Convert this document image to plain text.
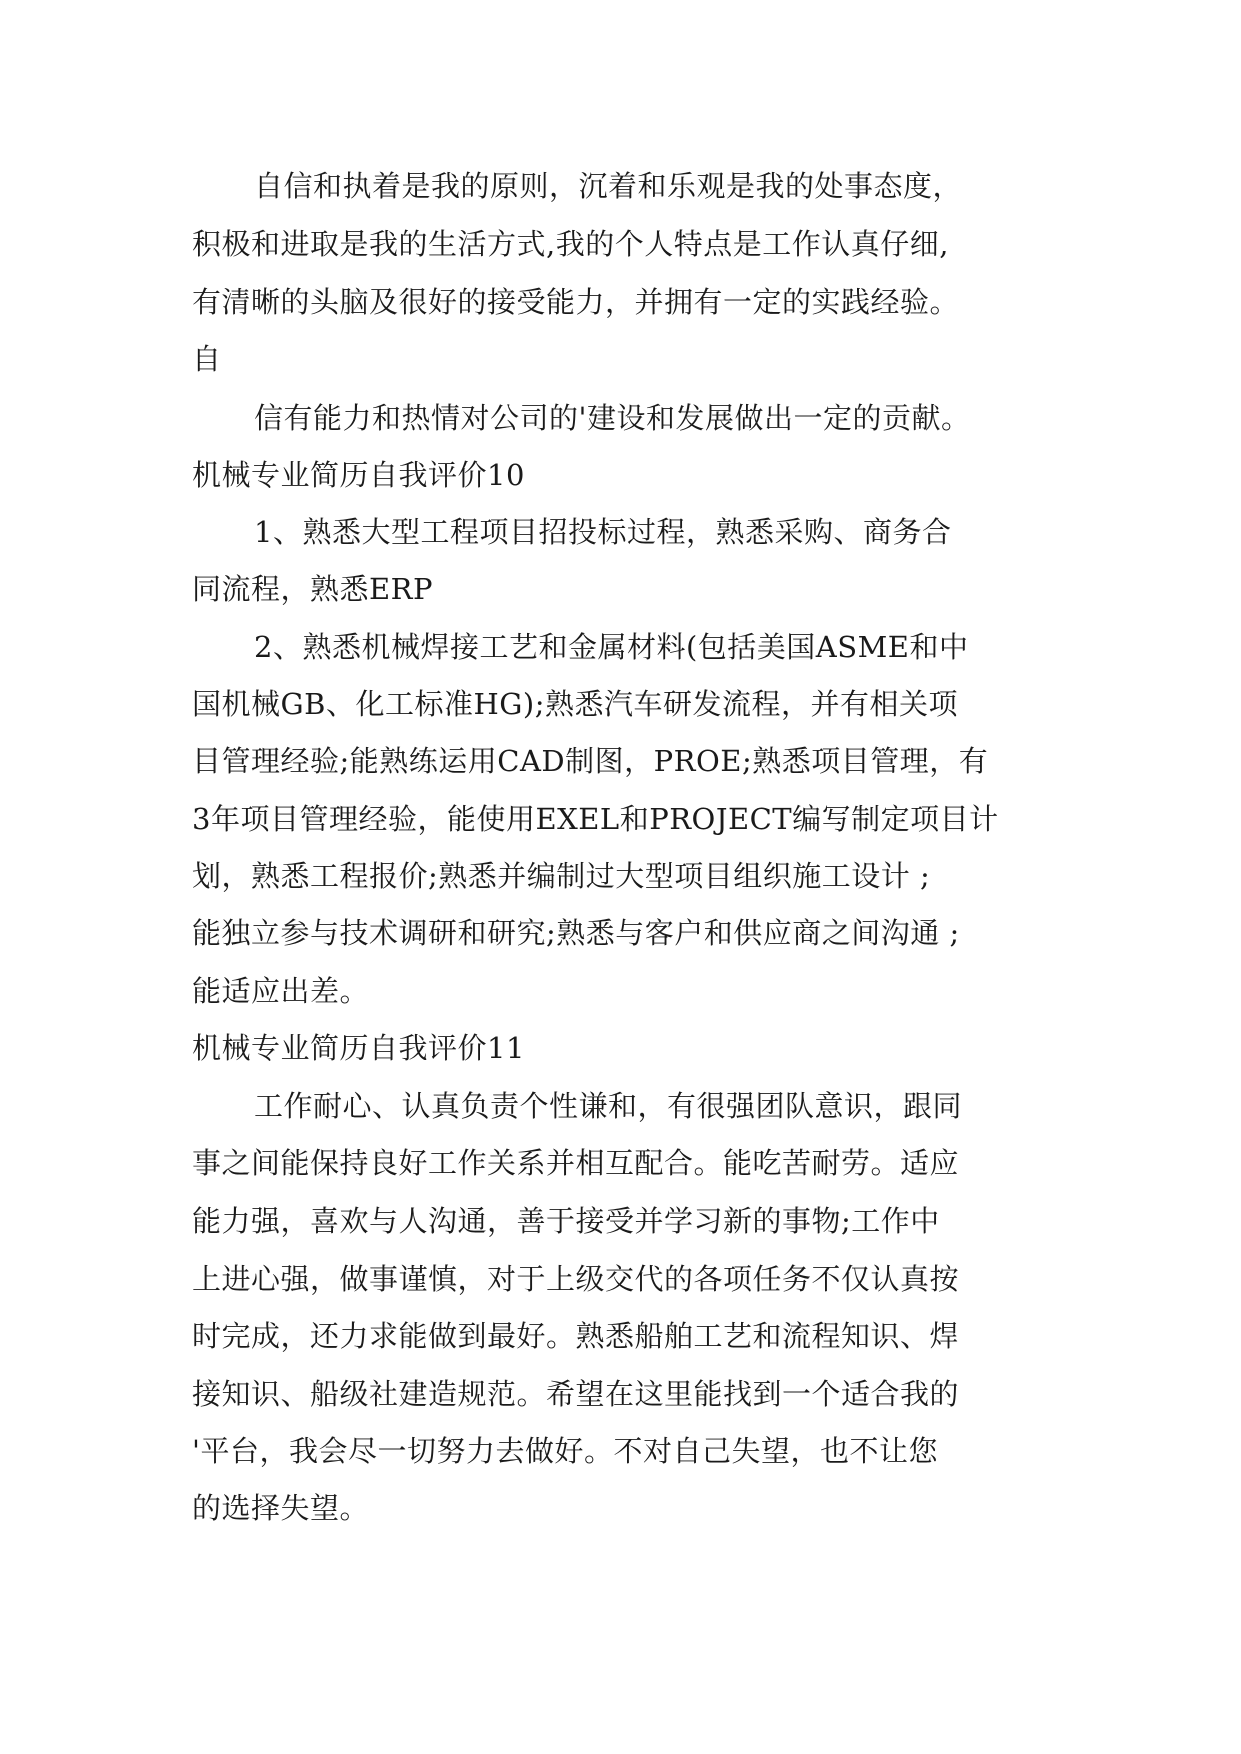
自信和执着是我的原则，沉着和乐观是我的处事态度，
积极和进取是我的生活方式,我的个人特点是工作认真仔细,
有清晰的头脑及很好的接受能力，并拥有一定的实践经验。
自
信有能力和热情对公司的'建设和发展做出一定的贡献。
机械专业简历自我评价10
1、熟悉大型工程项目招投标过程，熟悉采购、商务合
同流程，熟悉ERP
2、熟悉机械焊接工艺和金属材料(包括美国ASME和中
国机械GB、化工标准HG);熟悉汽车研发流程，并有相关项
目管理经验;能熟练运用CAD制图，PROE;熟悉项目管理，有
3年项目管理经验，能使用EXEL和PROJECT编写制定项目计
划，熟悉工程报价;熟悉并编制过大型项目组织施工设计 ;
能独立参与技术调研和研究;熟悉与客户和供应商之间沟通 ;
能适应出差。
机械专业简历自我评价11
工作耐心、认真负责个性谦和，有很强团队意识，跟同
事之间能保持良好工作关系并相互配合。能吃苦耐劳。适应
能力强，喜欢与人沟通，善于接受并学习新的事物;工作中
上进心强，做事谨慎，对于上级交代的各项任务不仅认真按
时完成，还力求能做到最好。熟悉船舶工艺和流程知识、焊
接知识、船级社建造规范。希望在这里能找到一个适合我的
'平台，我会尽一切努力去做好。不对自己失望，也不让您
的选择失望。
